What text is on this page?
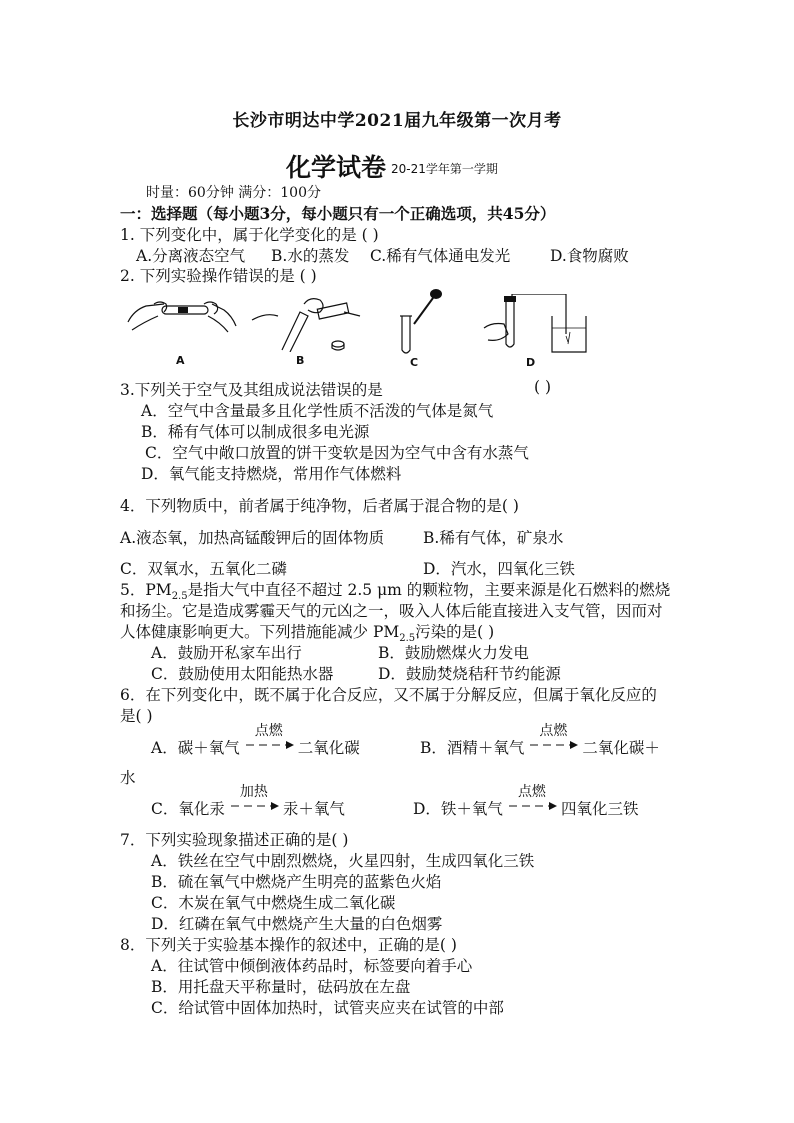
长沙市明达中学2021届九年级第一次月考
化学试卷 20-21学年第一学期
时量：60分钟 满分：100分
一：选择题（每小题3分，每小题只有一个正确选项，共45分）
1. 下列变化中，属于化学变化的是 ( )
A.分离液态空气 B.水的蒸发 C.稀有气体通电发光	D.食物腐败
2. 下列实验操作错误的是 ( )
A	B	C	D
3.下列关于空气及其组成说法错误的是	( )
A．空气中含量最多且化学性质不活泼的气体是氮气
B．稀有气体可以制成很多电光源
C．空气中敞口放置的饼干变软是因为空气中含有水蒸气
D．氧气能支持燃烧，常用作气体燃料
4．下列物质中，前者属于纯净物，后者属于混合物的是( )
A.液态氧，加热高锰酸钾后的固体物质	B.稀有气体，矿泉水
C．双氧水，五氧化二磷	D．汽水，四氧化三铁
5．$PM_{2.5}$是指大气中直径不超过 2.5 μm 的颗粒物，主要来源是化石燃料的燃烧
和扬尘。它是造成雾霾天气的元凶之一，吸入人体后能直接进入支气管，因而对
人体健康影响更大。下列措施能减少 $PM_{2.5}$污染的是( )
A．鼓励开私家车出行	B．鼓励燃煤火力发电
C．鼓励使用太阳能热水器	D．鼓励焚烧秸秆节约能源
6．在下列变化中，既不属于化合反应，又不属于分解反应，但属于氧化反应的
是( )
A．碳＋氧气
点燃
二氧化碳	B．酒精＋氧气
点燃
二氧化碳＋
水
C．氧化汞
加热
汞＋氧气	D．铁＋氧气
点燃
四氧化三铁
7．下列实验现象描述正确的是( )
A．铁丝在空气中剧烈燃烧，火星四射，生成四氧化三铁
B．硫在氧气中燃烧产生明亮的蓝紫色火焰
C．木炭在氧气中燃烧生成二氧化碳
D．红磷在氧气中燃烧产生大量的白色烟雾
8．下列关于实验基本操作的叙述中，正确的是( )
A．往试管中倾倒液体药品时，标签要向着手心
B．用托盘天平称量时，砝码放在左盘
C．给试管中固体加热时，试管夹应夹在试管的中部
